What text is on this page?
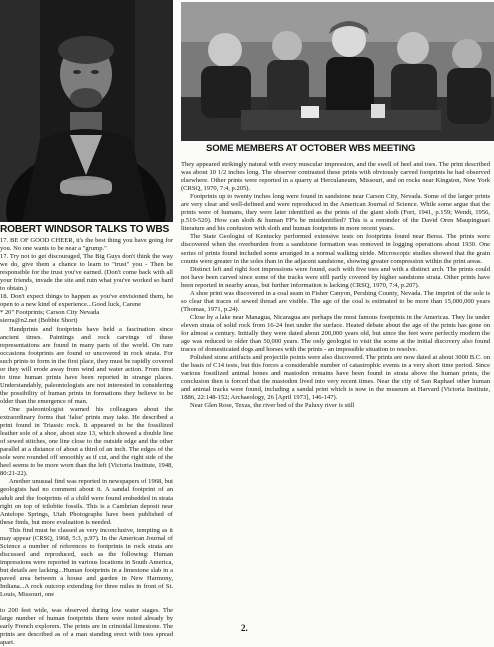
SOME MEMBERS AT OCTOBER WBS MEETING
ROBERT WINDSOR TALKS TO WBS

17. BE OF GOOD CHEER, it's the best thing you have going for you. No one wants to be near a "grump."

17. Try not to get discouraged, The Big Guys don't think the way we do, give them a chance to learn to "trust" you - Then be responsible for the trust you've earned. (Don't come back with all your friends, invade the site and ruin what you've worked so hard to obtain.)

18. Don't expect things to happen as you've envisioned them, be open to a new kind of experience...Good luck, Carene

* 20" Footprints; Carson City Nevada

sierra@n2.net (Bobbie Short)

Handprints and footprints have held a fascination since ancient times. Paintings and rock carvings of these representations are found in many parts of the world. On rare occasions footprints are found or uncovered in rock strata. For such prints to form in the first place, they must be rapidly covered or they will erode away from wind and water action. From time to time human prints have been reported in strange places. Understandably, paleontologists are not interested in considering the possibility of human prints in formations they believe to be older than the emergence of man.

One paleontologist warned his colleagues about the extraordinary forms that 'false' prints may take. He described a print found in Triassic rock. It appeared to be the fossilized leather sole of a shoe, about size 13, which showed a double line of sewed stitches, one line close to the outside edge and the other parallel at a distance of about a third of an inch. The edges of the sole were rounded off smoothly as if cut, and the right side of the heel seems to be more worn than the left (Victoria Institute, 1948, 80:21-22).

Another unusual find was reported in newspapers of 1968, but geologists had no comment about it. A sandal footprint of an adult and the footprints of a child were found embedded in strata right on top of trilobite fossils. This is a Cambrian deposit near Antelope Springs, Utah Photographs have been published of these finds, but more evaluation is needed.

This find must be classed as very inconclusive, tempting as it may appear (CRSQ, 1968, 5:3, p.97). In the American Journal of Science a number of references to footprints in rock strata are discussed and reproduced, such as the following: Human impressions were reported in various locations in South America, but details are lacking...Human footprints in a limestone slab in a paved area between a house and garden in New Harmony, Indiana...A rock outcrop extending for three miles in front of St. Louis, Missouri, one

to 200 feet wide, was observed during low water stages. The large number of human footprints there were noted already by early French explorers. The prints are in crinoidal limestone. The prints are described as of a man standing erect with toes spread apart.

They appeared strikingly natural with every muscular impression, and the swell of heel and toes. The print described was about 10 1/2 inches long. The observer contrasted these prints with obviously carved footprints he had observed elsewhere. Other prints were reported in a quarry at Herculaneum, Missouri, and on rocks near Kingston, New York (CRSQ, 1970, 7:4, p.205).

Footprints up to twenty inches long were found in sandstone near Carson City, Nevada. Some of the larger prints are very clear and well-defined and were reproduced in the American Journal of Science. While some argue that the prints were of humans, they were later identified as the prints of the giant sloth (Fort, 1941, p.159; Wendt, 1956, p.519-520). How can sloth & human FP's be misidentified? This is a reminder of the David Oren Maupinguari literature and his confusion with sloth and human footprints in more recent years.

The State Geologist of Kentucky performed extensive tests on footprints found near Berea. The prints were discovered when the overburden from a sandstone formation was removed in logging operations about 1930. One series of prints found included some arranged in a normal walking stride. Microscopic studies showed that the grain counts were greater in the soles than in the adjacent sandstone, showing greater compression within the print areas.

Distinct left and right foot impressions were found, each with five toes and with a distinct arch. The prints could not have been carved since some of the tracks were still partly covered by higher sandstone strata. Other prints have been reported in nearby areas, but further information is lacking (CRSQ, 1970, 7:4, p.207).

A shoe print was discovered in a coal seam in Fisher Canyon, Pershing County, Nevada. The imprint of the sole is so clear that traces of sewed thread are visible. The age of the coal is estimated to be more than 15,000,000 years (Thomas, 1971, p.24).

Close by a lake near Managua, Nicaragua are perhaps the most famous footprints in the Americas. They lie under eleven strata of solid rock from 16-24 feet under the surface. Heated debate about the age of the prints has gone on for almost a century. Initially they were dated about 200,000 years old, but since the feet were perfectly modern the age was reduced to older than 50,000 years. The only geologist to visit the scene at the initial discovery also found traces of domesticated dogs and horses with the prints - an impossible situation to resolve.

Polished stone artifacts and projectile points were also discovered. The prints are now dated at about 3000 B.C. on the basis of C14 tests, but this forces a considerable number of catastrophic events in a very short time period. Since various fossilized animal bones and mastodon remains have been found in strata above the human prints, the conclusion then is forced that the mastodon lived into very recent times. Near the city of San Raphael other human and animal tracks were found, including a sandal print which is now in the museum at Harvard (Victoria Institute, 1886, 22:148-152; Archaeology, 26 [April 1973], 146-147).

Near Glen Rose, Texas, the river bed of the Paluxy river is still

2.
